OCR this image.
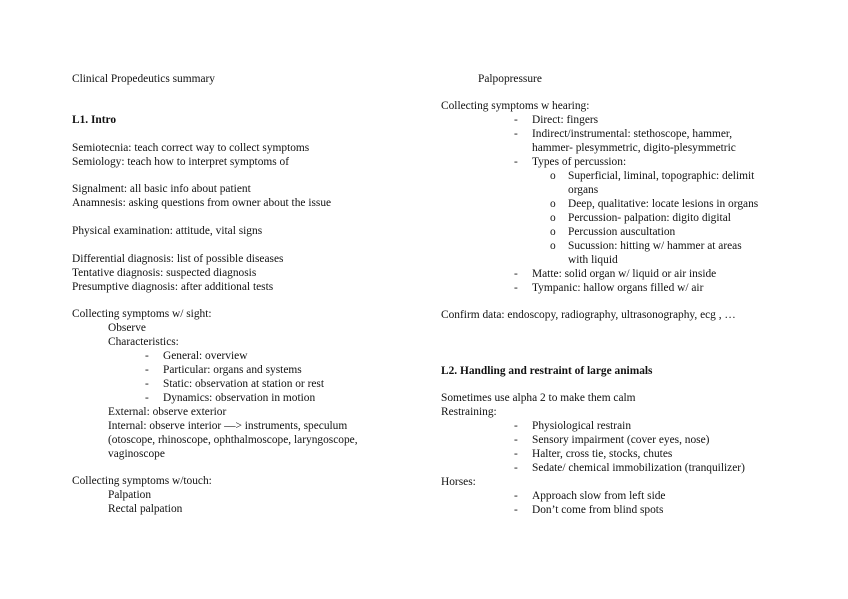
Clinical Propedeutics summary
L1. Intro
Semiotecnia: teach correct way to collect symptoms
Semiology: teach how to interpret symptoms of
Signalment: all basic info about patient
Anamnesis: asking questions from owner about the issue
Physical examination: attitude, vital signs
Differential diagnosis: list of possible diseases
Tentative diagnosis: suspected diagnosis
Presumptive diagnosis: after additional tests
Collecting symptoms w/ sight:
Observe
Characteristics:
- General: overview
- Particular: organs and systems
- Static: observation at station or rest
- Dynamics: observation in motion
External: observe exterior
Internal: observe interior —> instruments, speculum
(otoscope, rhinoscope, ophthalmoscope, laryngoscope,
vaginoscope
Collecting symptoms w/touch:
Palpation
Rectal palpation
Palpopressure
Collecting symptoms w hearing:
- Direct: fingers
- Indirect/instrumental: stethoscope, hammer,
hammer- plesymmetric, digito-plesymmetric
- Types of percussion:
o Superficial, liminal, topographic: delimit
organs
o Deep, qualitative: locate lesions in organs
o Percussion- palpation: digito digital
o Percussion auscultation
o Sucussion: hitting w/ hammer at areas
with liquid
- Matte: solid organ w/ liquid or air inside
- Tympanic: hallow organs filled w/ air
Confirm data: endoscopy, radiography, ultrasonography, ecg , …
L2. Handling and restraint of large animals
Sometimes use alpha 2 to make them calm
Restraining:
- Physiological restrain
- Sensory impairment (cover eyes, nose)
- Halter, cross tie, stocks, chutes
- Sedate/ chemical immobilization (tranquilizer)
Horses:
- Approach slow from left side
- Don’t come from blind spots
